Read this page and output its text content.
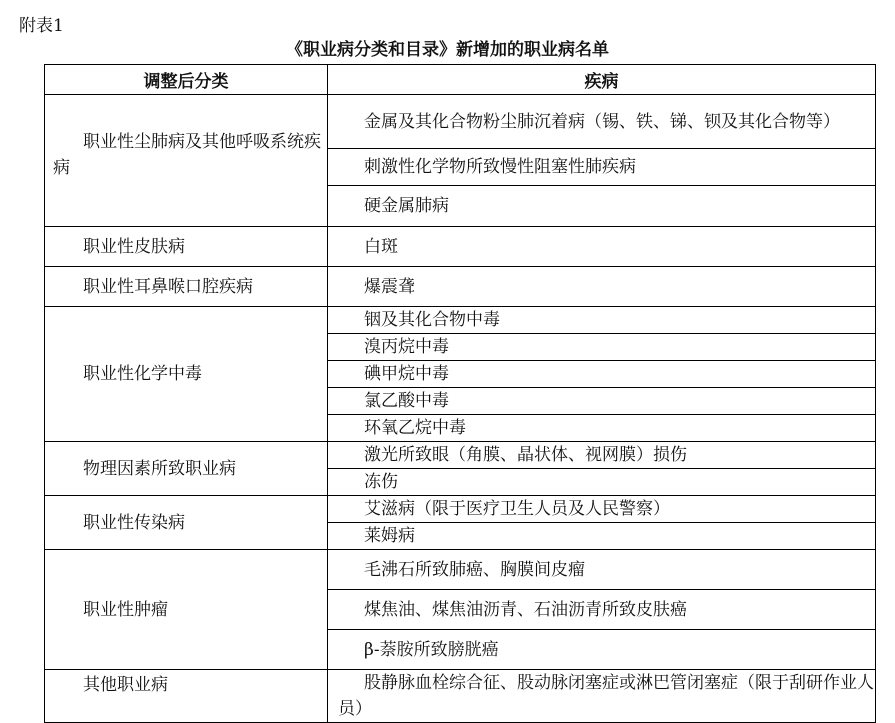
附表1
《职业病分类和目录》新增加的职业病名单
调整后分类	疾病

职业性尘肺病及其他呼吸系统疾病	金属及其化合物粉尘肺沉着病（锡、铁、锑、钡及其化合物等）

	刺激性化学物所致慢性阻塞性肺疾病
	硬金属肺病

职业性皮肤病	白斑

职业性耳鼻喉口腔疾病	爆震聋

职业性化学中毒	铟及其化合物中毒
	溴丙烷中毒
	碘甲烷中毒
	氯乙酸中毒
	环氧乙烷中毒

物理因素所致职业病	激光所致眼（角膜、晶状体、视网膜）损伤
	冻伤

职业性传染病	艾滋病（限于医疗卫生人员及人民警察）
	莱姆病

职业性肿瘤	毛沸石所致肺癌、胸膜间皮瘤
	煤焦油、煤焦油沥青、石油沥青所致皮肤癌
	β-萘胺所致膀胱癌

其他职业病	股静脉血栓综合征、股动脉闭塞症或淋巴管闭塞症（限于刮研作业人员）
